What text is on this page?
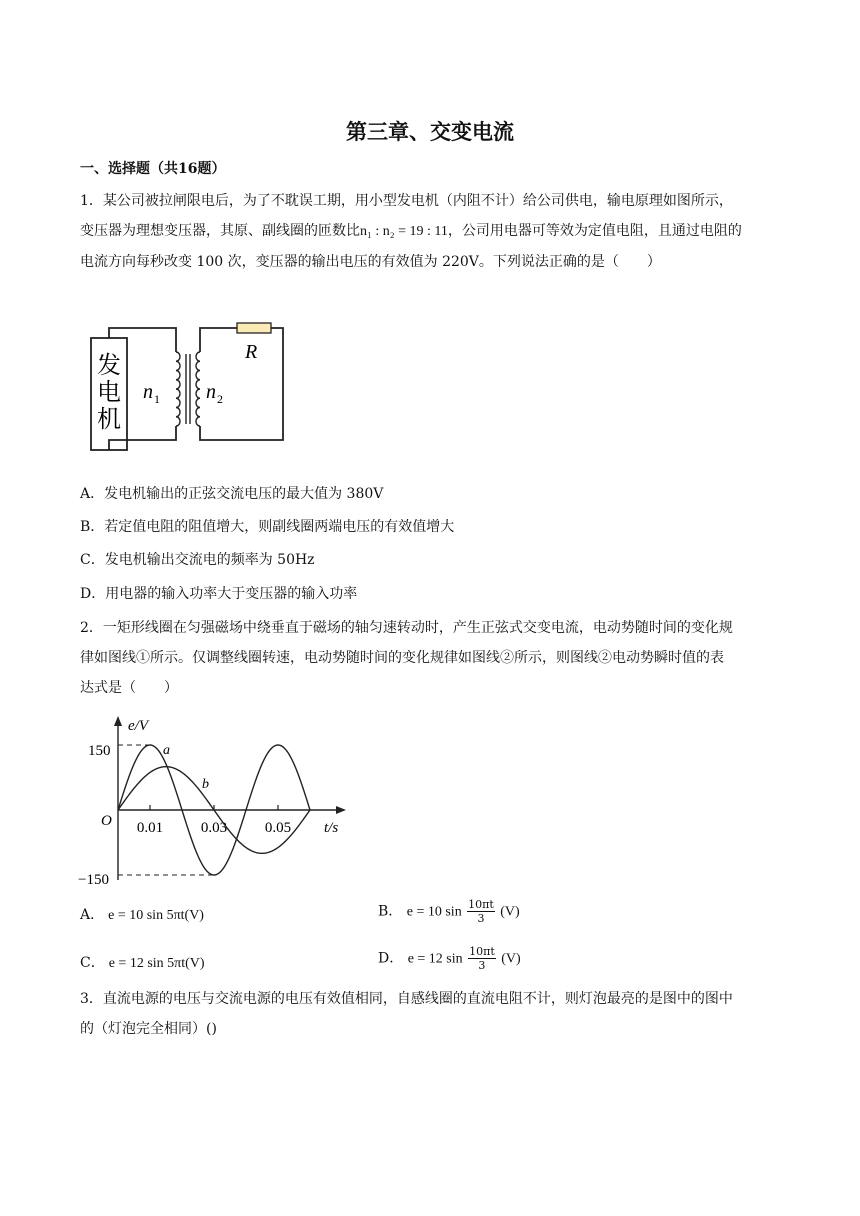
第三章、交变电流
一、选择题（共16题）
1．某公司被拉闸限电后，为了不耽误工期，用小型发电机（内阻不计）给公司供电，输电原理如图所示，
变压器为理想变压器，其原、副线圈的匝数比n₁ : n₂ = 19 : 11，公司用电器可等效为定值电阻，且通过电阻的
电流方向每秒改变 100 次，变压器的输出电压的有效值为 220V。下列说法正确的是（　　）
发
电
机
R
n 1 n 2
A．发电机输出的正弦交流电压的最大值为 380V
B．若定值电阻的阻值增大，则副线圈两端电压的有效值增大
C．发电机输出交流电的频率为 50Hz
D．用电器的输入功率大于变压器的输入功率
2．一矩形线圈在匀强磁场中绕垂直于磁场的轴匀速转动时，产生正弦式交变电流，电动势随时间的变化规
律如图线①所示。仅调整线圈转速，电动势随时间的变化规律如图线②所示，则图线②电动势瞬时值的表
达式是（　　）
e/V
t/s
O
150
−150
0.01	0.03	0.05
a
b
A． e = 10 sin 5πt(V)	B． e = 10 $\sin \frac{10\pi t}{3} (V)$
C． e = 12 sin 5πt(V)	D． e = 12 $\sin \frac{10\pi t}{3} (V)$
3．直流电源的电压与交流电源的电压有效值相同，自感线圈的直流电阻不计，则灯泡最亮的是图中的图中
的（灯泡完全相同）()
